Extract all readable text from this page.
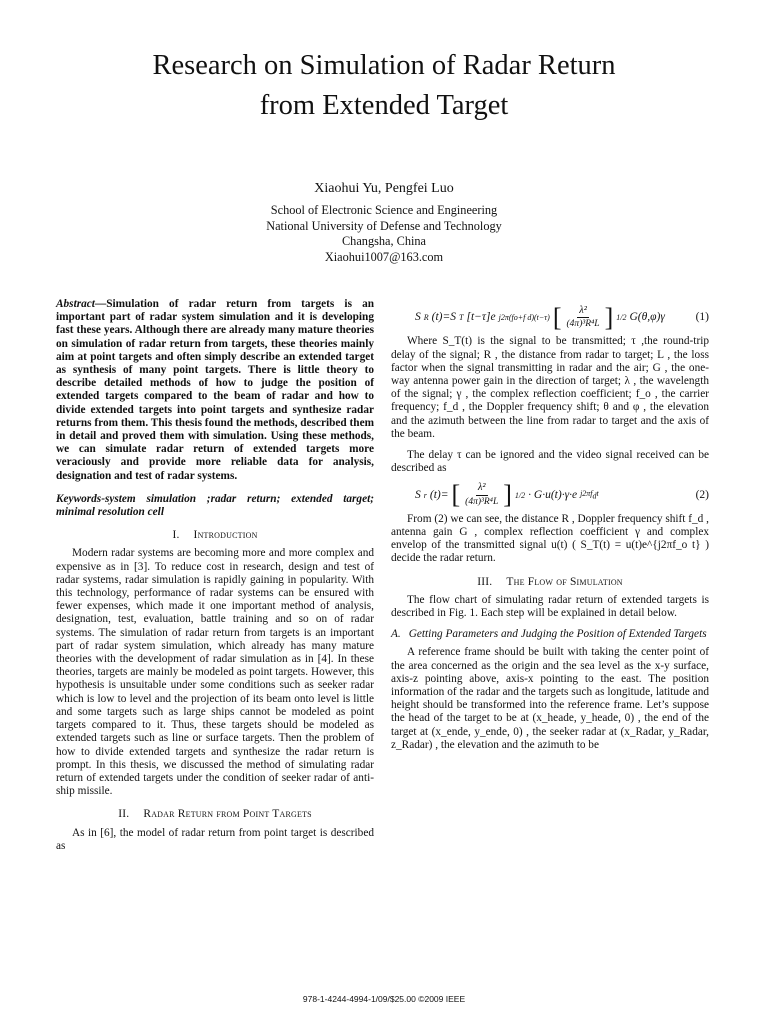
Research on Simulation of Radar Return
from Extended Target
Xiaohui Yu, Pengfei Luo
School of Electronic Science and Engineering
National University of Defense and Technology
Changsha, China
Xiaohui1007@163.com

Abstract—Simulation of radar return from targets is an important part of radar system simulation and it is developing fast these years. Although there are already many mature theories on simulation of radar return from targets, these theories mainly aim at point targets and often simply describe an extended target as synthesis of many point targets. There is little theory to describe detailed methods of how to judge the position of extended targets compared to the beam of radar and how to divide extended targets into point targets and synthesize radar returns from them. This thesis found the methods, described them in detail and proved them with simulation. Using these methods, we can simulate radar return of extended targets more veraciously and provide more reliable data for analysis, designation and test of radar systems.

Keywords-system simulation ;radar return; extended target; minimal resolution cell

I. Introduction

Modern radar systems are becoming more and more complex and expensive as in [3]. To reduce cost in research, design and test of radar systems, radar simulation is rapidly gaining in popularity. With this technology, performance of radar systems can be ensured with fewer expenses, which made it one important method of analysis, designation, test, evaluation, battle training and so on of radar systems. The simulation of radar return from targets is an important part of radar system simulation, which already has many mature theories with the development of radar simulation as in [4]. In these theories, targets are mainly be modeled as point targets. However, this hypothesis is unsuitable under some conditions such as seeker radar which is low to level and the projection of its beam onto level is little and some targets such as large ships cannot be modeled as point targets compared to it. Thus, these targets should be modeled as extended targets such as line or surface targets. Then the problem of how to divide extended targets and synthesize the radar return is prompt. In this thesis, we discussed the method of simulating radar return of extended targets under the condition of seeker radar of anti-ship missile.

II. Radar Return from Point Targets

As in [6], the model of radar return from point target is described as

S R (t)=S T [t−τ]e j2π(fo+f d)(t−τ) [ $\frac{\text{λ²}}{\text{(4π)³R⁴L}}$ ] 1/2 G(θ,φ)γ	(1)

Where S_T(t) is the signal to be transmitted; τ ,the round-trip delay of the signal; R , the distance from radar to target; L , the loss factor when the signal transmitting in radar and the air; G , the one-way antenna power gain in the direction of target; λ , the wavelength of the signal; γ , the complex reflection coefficient; f_o , the carrier frequency; f_d , the Doppler frequency shift; θ and φ , the elevation and the azimuth between the line from radar to target and the axis of the beam.

The delay τ can be ignored and the video signal received can be described as

S r (t)= [ $\frac{\text{λ²}}{\text{(4π)³R⁴L}}$ ] 1/2 · G·u(t)·γ·e $j2\pi f_dt$	(2)

From (2) we can see, the distance R , Doppler frequency shift f_d , antenna gain G , complex reflection coefficient γ and complex envelop of the transmitted signal u(t) ( S_T(t) = u(t)e^{j2πf_o t} ) decide the radar return.

III. The Flow of Simulation

The flow chart of simulating radar return of extended targets is described in Fig. 1. Each step will be explained in detail below.

A. Getting Parameters and Judging the Position of Extended Targets

A reference frame should be built with taking the center point of the area concerned as the origin and the sea level as the x-y surface, axis-z pointing above, axis-x pointing to the east. The position information of the radar and the targets such as longitude, latitude and height should be transformed into the reference frame. Let’s suppose the head of the target to be at (x_heade, y_heade, 0) , the end of the target at (x_ende, y_ende, 0) , the seeker radar at (x_Radar, y_Radar, z_Radar) , the elevation and the azimuth to be

978-1-4244-4994-1/09/$25.00 ©2009 IEEE
